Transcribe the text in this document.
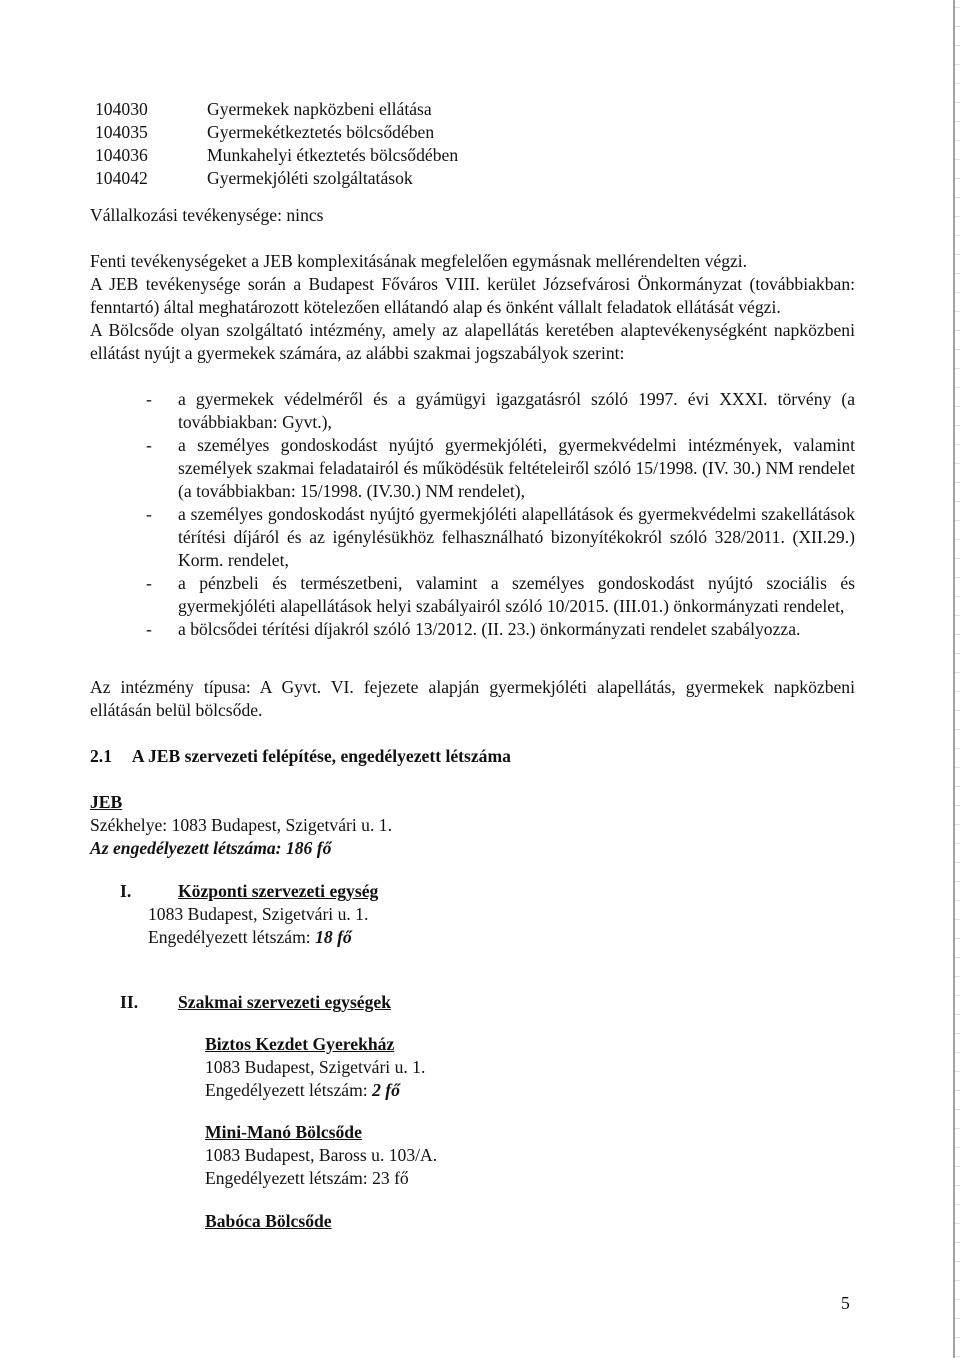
104030	Gyermekek napközbeni ellátása
104035	Gyermekétkeztetés bölcsődében
104036	Munkahelyi étkeztetés bölcsődében
104042	Gyermekjóléti szolgáltatások
Vállalkozási tevékenysége: nincs

Fenti tevékenységeket a JEB komplexitásának megfelelően egymásnak mellérendelten végzi.

A JEB tevékenysége során a Budapest Főváros VIII. kerület Józsefvárosi Önkormányzat (továbbiakban: fenntartó) által meghatározott kötelezően ellátandó alap és önként vállalt feladatok ellátását végzi.

A Bölcsőde olyan szolgáltató intézmény, amely az alapellátás keretében alaptevékenységként napközbeni ellátást nyújt a gyermekek számára, az alábbi szakmai jogszabályok szerint:

-	a gyermekek védelméről és a gyámügyi igazgatásról szóló 1997. évi XXXI. törvény (a továbbiakban: Gyvt.),
-	a személyes gondoskodást nyújtó gyermekjóléti, gyermekvédelmi intézmények, valamint személyek szakmai feladatairól és működésük feltételeiről szóló 15/1998. (IV. 30.) NM rendelet (a továbbiakban: 15/1998. (IV.30.) NM rendelet),
-	a személyes gondoskodást nyújtó gyermekjóléti alapellátások és gyermekvédelmi szakellátások térítési díjáról és az igénylésükhöz felhasználható bizonyítékokról szóló 328/2011. (XII.29.) Korm. rendelet,
-	a pénzbeli és természetbeni, valamint a személyes gondoskodást nyújtó szociális és gyermekjóléti alapellátások helyi szabályairól szóló 10/2015. (III.01.) önkormányzati rendelet,
-	a bölcsődei térítési díjakról szóló 13/2012. (II. 23.) önkormányzati rendelet szabályozza.
Az intézmény típusa: A Gyvt. VI. fejezete alapján gyermekjóléti alapellátás, gyermekek napközbeni ellátásán belül bölcsőde.
2.1 A JEB szervezeti felépítése, engedélyezett létszáma
JEB
Székhelye: 1083 Budapest, Szigetvári u. 1.
Az engedélyezett létszáma: 186 fő
I.	Központi szervezeti egység
1083 Budapest, Szigetvári u. 1.
Engedélyezett létszám: 18 fő
II. Szakmai szervezeti egységek
Biztos Kezdet Gyerekház
1083 Budapest, Szigetvári u. 1.
Engedélyezett létszám: 2 fő
Mini-Manó Bölcsőde
1083 Budapest, Baross u. 103/A.
Engedélyezett létszám: 23 fő
Babóca Bölcsőde
5
